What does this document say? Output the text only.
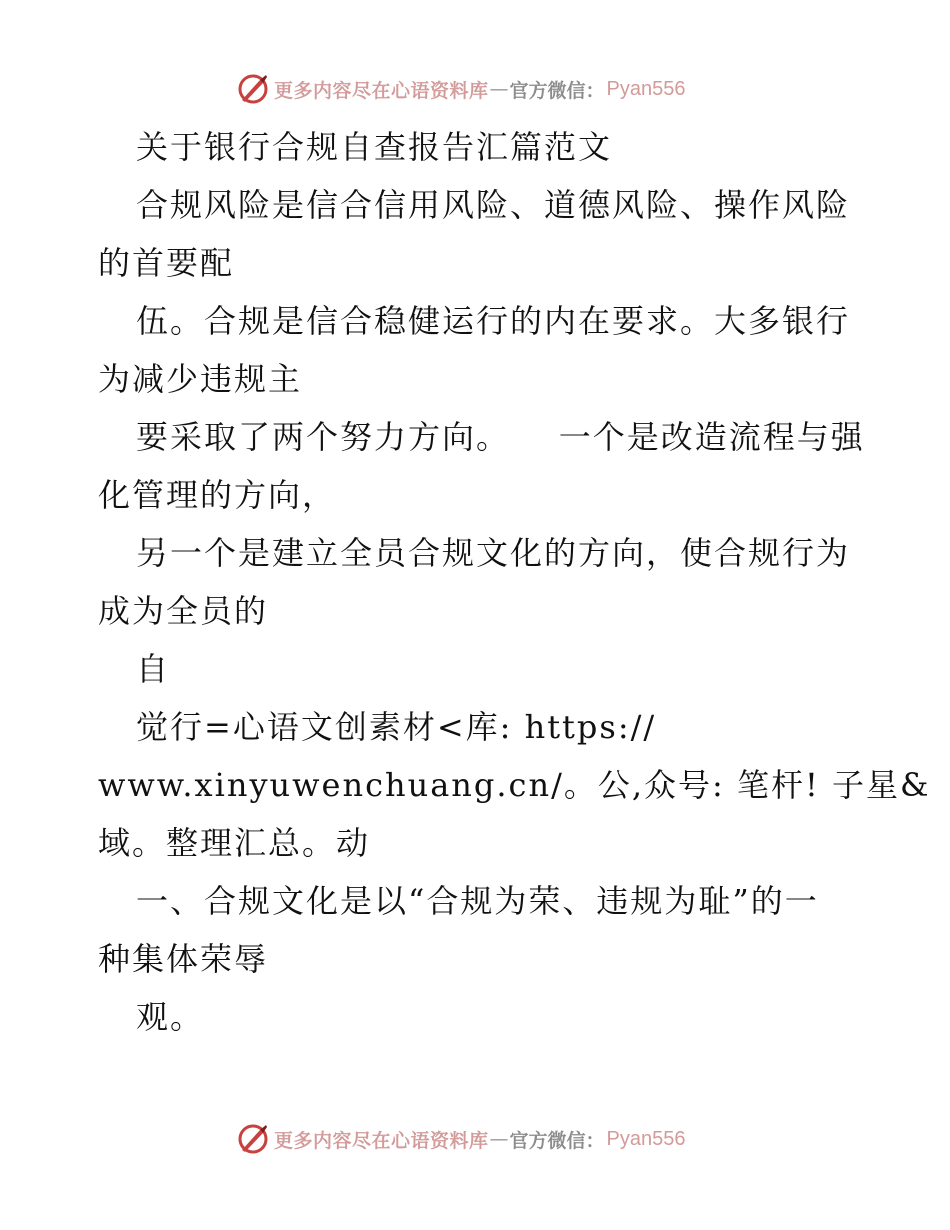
更多内容尽在心语资料库 — 官方微信： Pyan556
关于银行合规自查报告汇篇范文
合规风险是信合信用风险、道德风险、操作风险
的首要配
伍。合规是信合稳健运行的内在要求。大多银行
为减少违规主
要采取了两个努力方向。    一个是改造流程与强
化管理的方向，
另一个是建立全员合规文化的方向，使合规行为
成为全员的
自
觉行=心语文创素材<库: https://
www.xinyuwenchuang.cn/。公,众号: 笔杆! 子星&
域。整理汇总。动
一、合规文化是以“合规为荣、违规为耻”的一
种集体荣辱
观。
更多内容尽在心语资料库 — 官方微信： Pyan556
